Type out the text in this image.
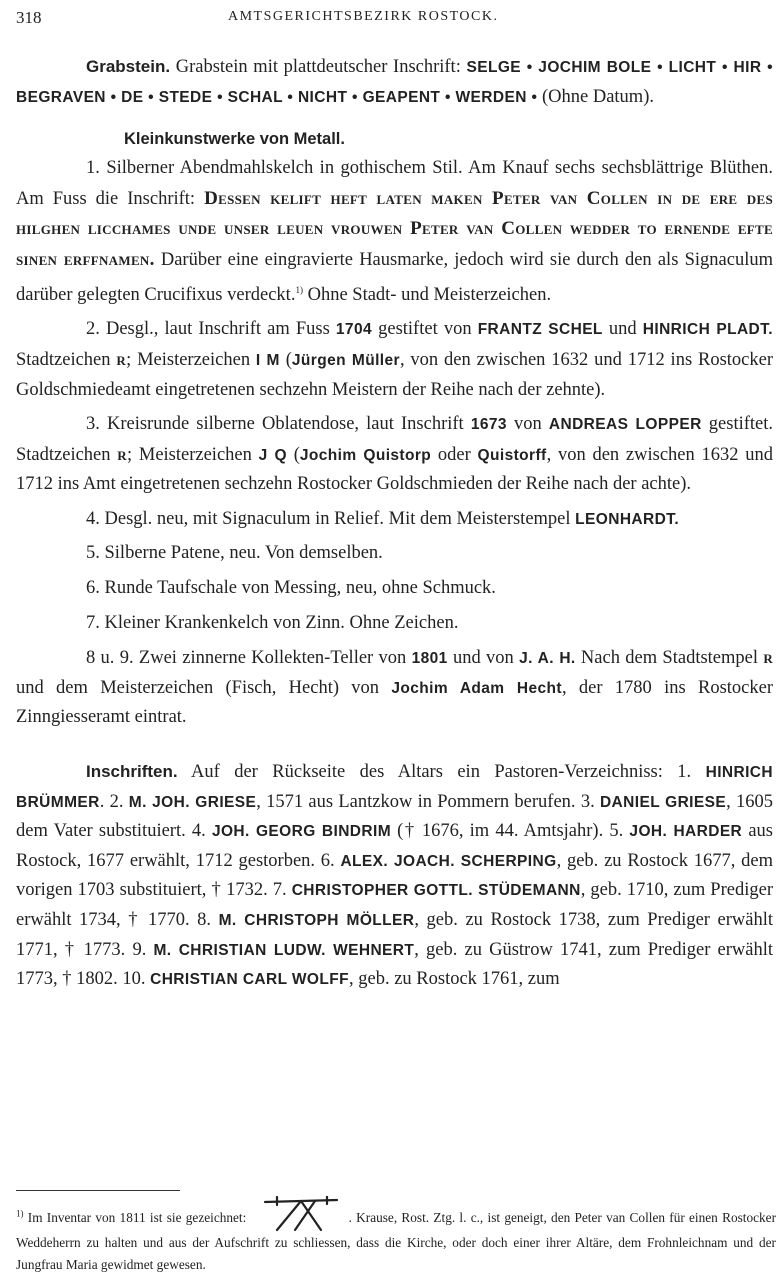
318	AMTSGERICHTSBEZIRK ROSTOCK.

Grabstein. Grabstein mit plattdeutscher Inschrift: SELGE • JOCHIM BOLE • LICHT • HIR • BEGRAVEN • DE • STEDE • SCHAL • NICHT • GEAPENT • WERDEN • (Ohne Datum).

Kleinkunstwerke von Metall.

1. Silberner Abendmahlskelch in gothischem Stil. Am Knauf sechs sechsblättrige Blüthen. Am Fuss die Inschrift: Dessen kelift heft laten maken Peter van Collen in de ere des hilghen licchames unde unser leuen vrouwen Peter van Collen wedder to ernende efte sinen erffnamen. Darüber eine eingravierte Hausmarke, jedoch wird sie durch den als Signaculum darüber gelegten Crucifixus verdeckt.$^{1)}$ Ohne Stadt- und Meisterzeichen.

2. Desgl., laut Inschrift am Fuss 1704 gestiftet von FRANTZ SCHEL und HINRICH PLADT. Stadtzeichen r; Meisterzeichen I M (Jürgen Müller, von den zwischen 1632 und 1712 ins Rostocker Goldschmiedeamt eingetretenen sechzehn Meistern der Reihe nach der zehnte).

3. Kreisrunde silberne Oblatendose, laut Inschrift 1673 von ANDREAS LOPPER gestiftet. Stadtzeichen r; Meisterzeichen J Q (Jochim Quistorp oder Quistorff, von den zwischen 1632 und 1712 ins Amt eingetretenen sechzehn Rostocker Goldschmieden der Reihe nach der achte).

4. Desgl. neu, mit Signaculum in Relief. Mit dem Meisterstempel LEONHARDT.

5. Silberne Patene, neu. Von demselben.

6. Runde Taufschale von Messing, neu, ohne Schmuck.

7. Kleiner Krankenkelch von Zinn. Ohne Zeichen.

8 u. 9. Zwei zinnerne Kollekten-Teller von 1801 und von J. A. H. Nach dem Stadtstempel r und dem Meisterzeichen (Fisch, Hecht) von Jochim Adam Hecht, der 1780 ins Rostocker Zinngiesseramt eintrat.

Inschriften. Auf der Rückseite des Altars ein Pastoren-Verzeichniss: 1. HINRICH BRÜMMER. 2. M. JOH. GRIESE, 1571 aus Lantzkow in Pommern berufen. 3. DANIEL GRIESE, 1605 dem Vater substituiert. 4. JOH. GEORG BINDRIM († 1676, im 44. Amtsjahr). 5. JOH. HARDER aus Rostock, 1677 erwählt, 1712 gestorben. 6. ALEX. JOACH. SCHERPING, geb. zu Rostock 1677, dem vorigen 1703 substituiert, † 1732. 7. CHRISTOPHER GOTTL. STÜDEMANN, geb. 1710, zum Prediger erwählt 1734, † 1770. 8. M. CHRISTOPH MÖLLER, geb. zu Rostock 1738, zum Prediger erwählt 1771, † 1773. 9. M. CHRISTIAN LUDW. WEHNERT, geb. zu Güstrow 1741, zum Prediger erwählt 1773, † 1802. 10. CHRISTIAN CARL WOLFF, geb. zu Rostock 1761, zum

$^{1)}$ Im Inventar von 1811 ist sie gezeichnet:	. Krause, Rost. Ztg. l. c., ist geneigt, den Peter van Collen für einen Rostocker Weddeherrn zu halten und aus der Aufschrift zu schliessen, dass die Kirche, oder doch einer ihrer Altäre, dem Frohnleichnam und der Jungfrau Maria gewidmet gewesen.
